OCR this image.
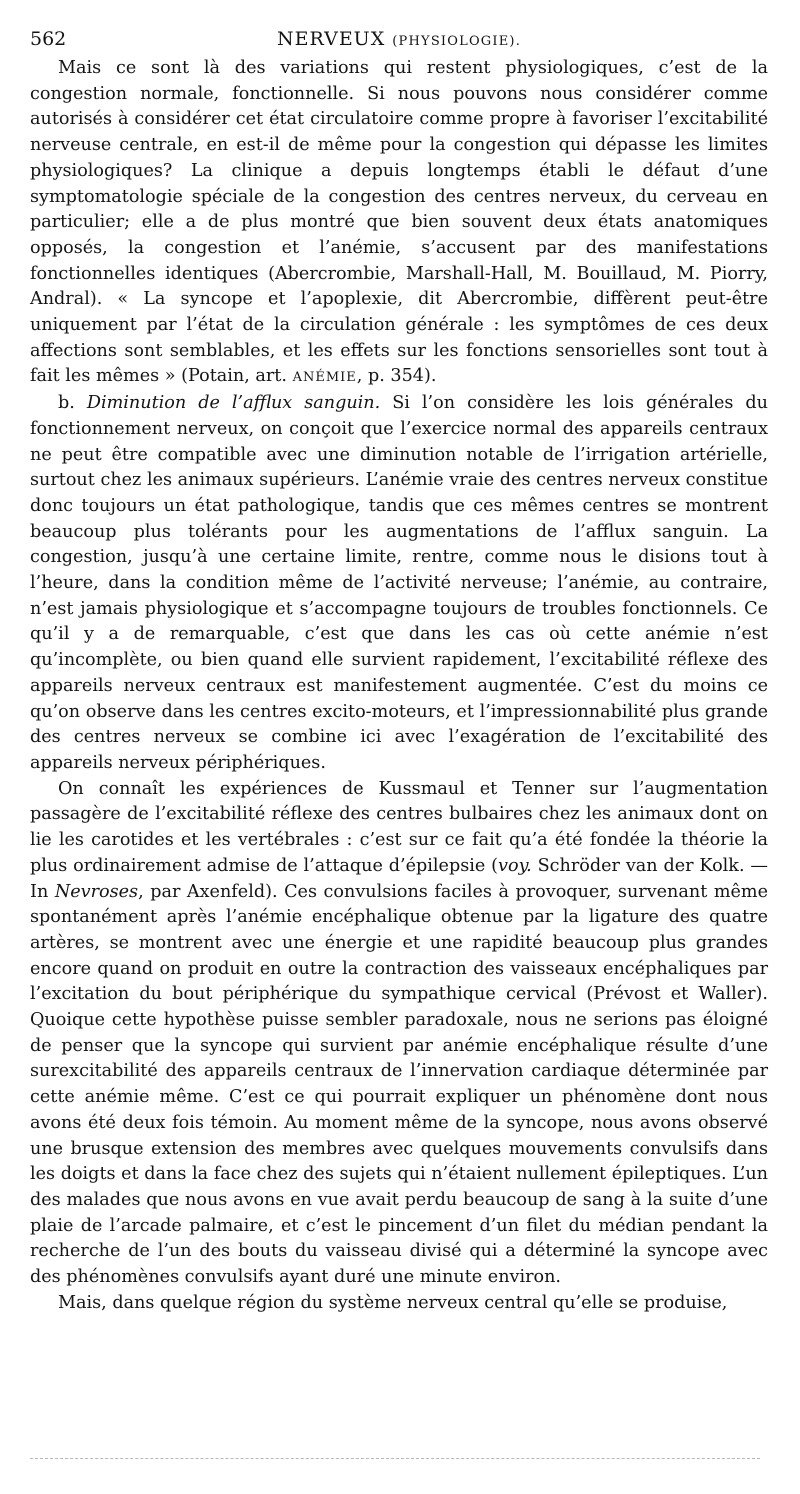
562	NERVEUX (PHYSIOLOGIE).

Mais ce sont là des variations qui restent physiologiques, c’est de la congestion normale, fonctionnelle. Si nous pouvons nous considérer comme autorisés à considérer cet état circulatoire comme propre à favoriser l’excitabilité nerveuse centrale, en est-il de même pour la congestion qui dépasse les limites physiologiques? La clinique a depuis longtemps établi le défaut d’une symptomatologie spéciale de la congestion des centres nerveux, du cerveau en particulier; elle a de plus montré que bien souvent deux états anatomiques opposés, la congestion et l’anémie, s’accusent par des manifestations fonctionnelles identiques (Abercrombie, Marshall-Hall, M. Bouillaud, M. Piorry, Andral). « La syncope et l’apoplexie, dit Abercrombie, diffèrent peut-être uniquement par l’état de la circulation générale : les symptômes de ces deux affections sont semblables, et les effets sur les fonctions sensorielles sont tout à fait les mêmes » (Potain, art. ANÉMIE, p. 354).

b. Diminution de l’afflux sanguin. Si l’on considère les lois générales du fonctionnement nerveux, on conçoit que l’exercice normal des appareils centraux ne peut être compatible avec une diminution notable de l’irrigation artérielle, surtout chez les animaux supérieurs. L’anémie vraie des centres nerveux constitue donc toujours un état pathologique, tandis que ces mêmes centres se montrent beaucoup plus tolérants pour les augmentations de l’afflux sanguin. La congestion, jusqu’à une certaine limite, rentre, comme nous le disions tout à l’heure, dans la condition même de l’activité nerveuse; l’anémie, au contraire, n’est jamais physiologique et s’accompagne toujours de troubles fonctionnels. Ce qu’il y a de remarquable, c’est que dans les cas où cette anémie n’est qu’incomplète, ou bien quand elle survient rapidement, l’excitabilité réflexe des appareils nerveux centraux est manifestement augmentée. C’est du moins ce qu’on observe dans les centres excito-moteurs, et l’impressionnabilité plus grande des centres nerveux se combine ici avec l’exagération de l’excitabilité des appareils nerveux périphériques.

On connaît les expériences de Kussmaul et Tenner sur l’augmentation passagère de l’excitabilité réflexe des centres bulbaires chez les animaux dont on lie les carotides et les vertébrales : c’est sur ce fait qu’a été fondée la théorie la plus ordinairement admise de l’attaque d’épilepsie (voy. Schröder van der Kolk. — In Nevroses, par Axenfeld). Ces convulsions faciles à provoquer, survenant même spontanément après l’anémie encéphalique obtenue par la ligature des quatre artères, se montrent avec une énergie et une rapidité beaucoup plus grandes encore quand on produit en outre la contraction des vaisseaux encéphaliques par l’excitation du bout périphérique du sympathique cervical (Prévost et Waller). Quoique cette hypothèse puisse sembler paradoxale, nous ne serions pas éloigné de penser que la syncope qui survient par anémie encéphalique résulte d’une surexcitabilité des appareils centraux de l’innervation cardiaque déterminée par cette anémie même. C’est ce qui pourrait expliquer un phénomène dont nous avons été deux fois témoin. Au moment même de la syncope, nous avons observé une brusque extension des membres avec quelques mouvements convulsifs dans les doigts et dans la face chez des sujets qui n’étaient nullement épileptiques. L’un des malades que nous avons en vue avait perdu beaucoup de sang à la suite d’une plaie de l’arcade palmaire, et c’est le pincement d’un filet du médian pendant la recherche de l’un des bouts du vaisseau divisé qui a déterminé la syncope avec des phénomènes convulsifs ayant duré une minute environ.

Mais, dans quelque région du système nerveux central qu’elle se produise,
